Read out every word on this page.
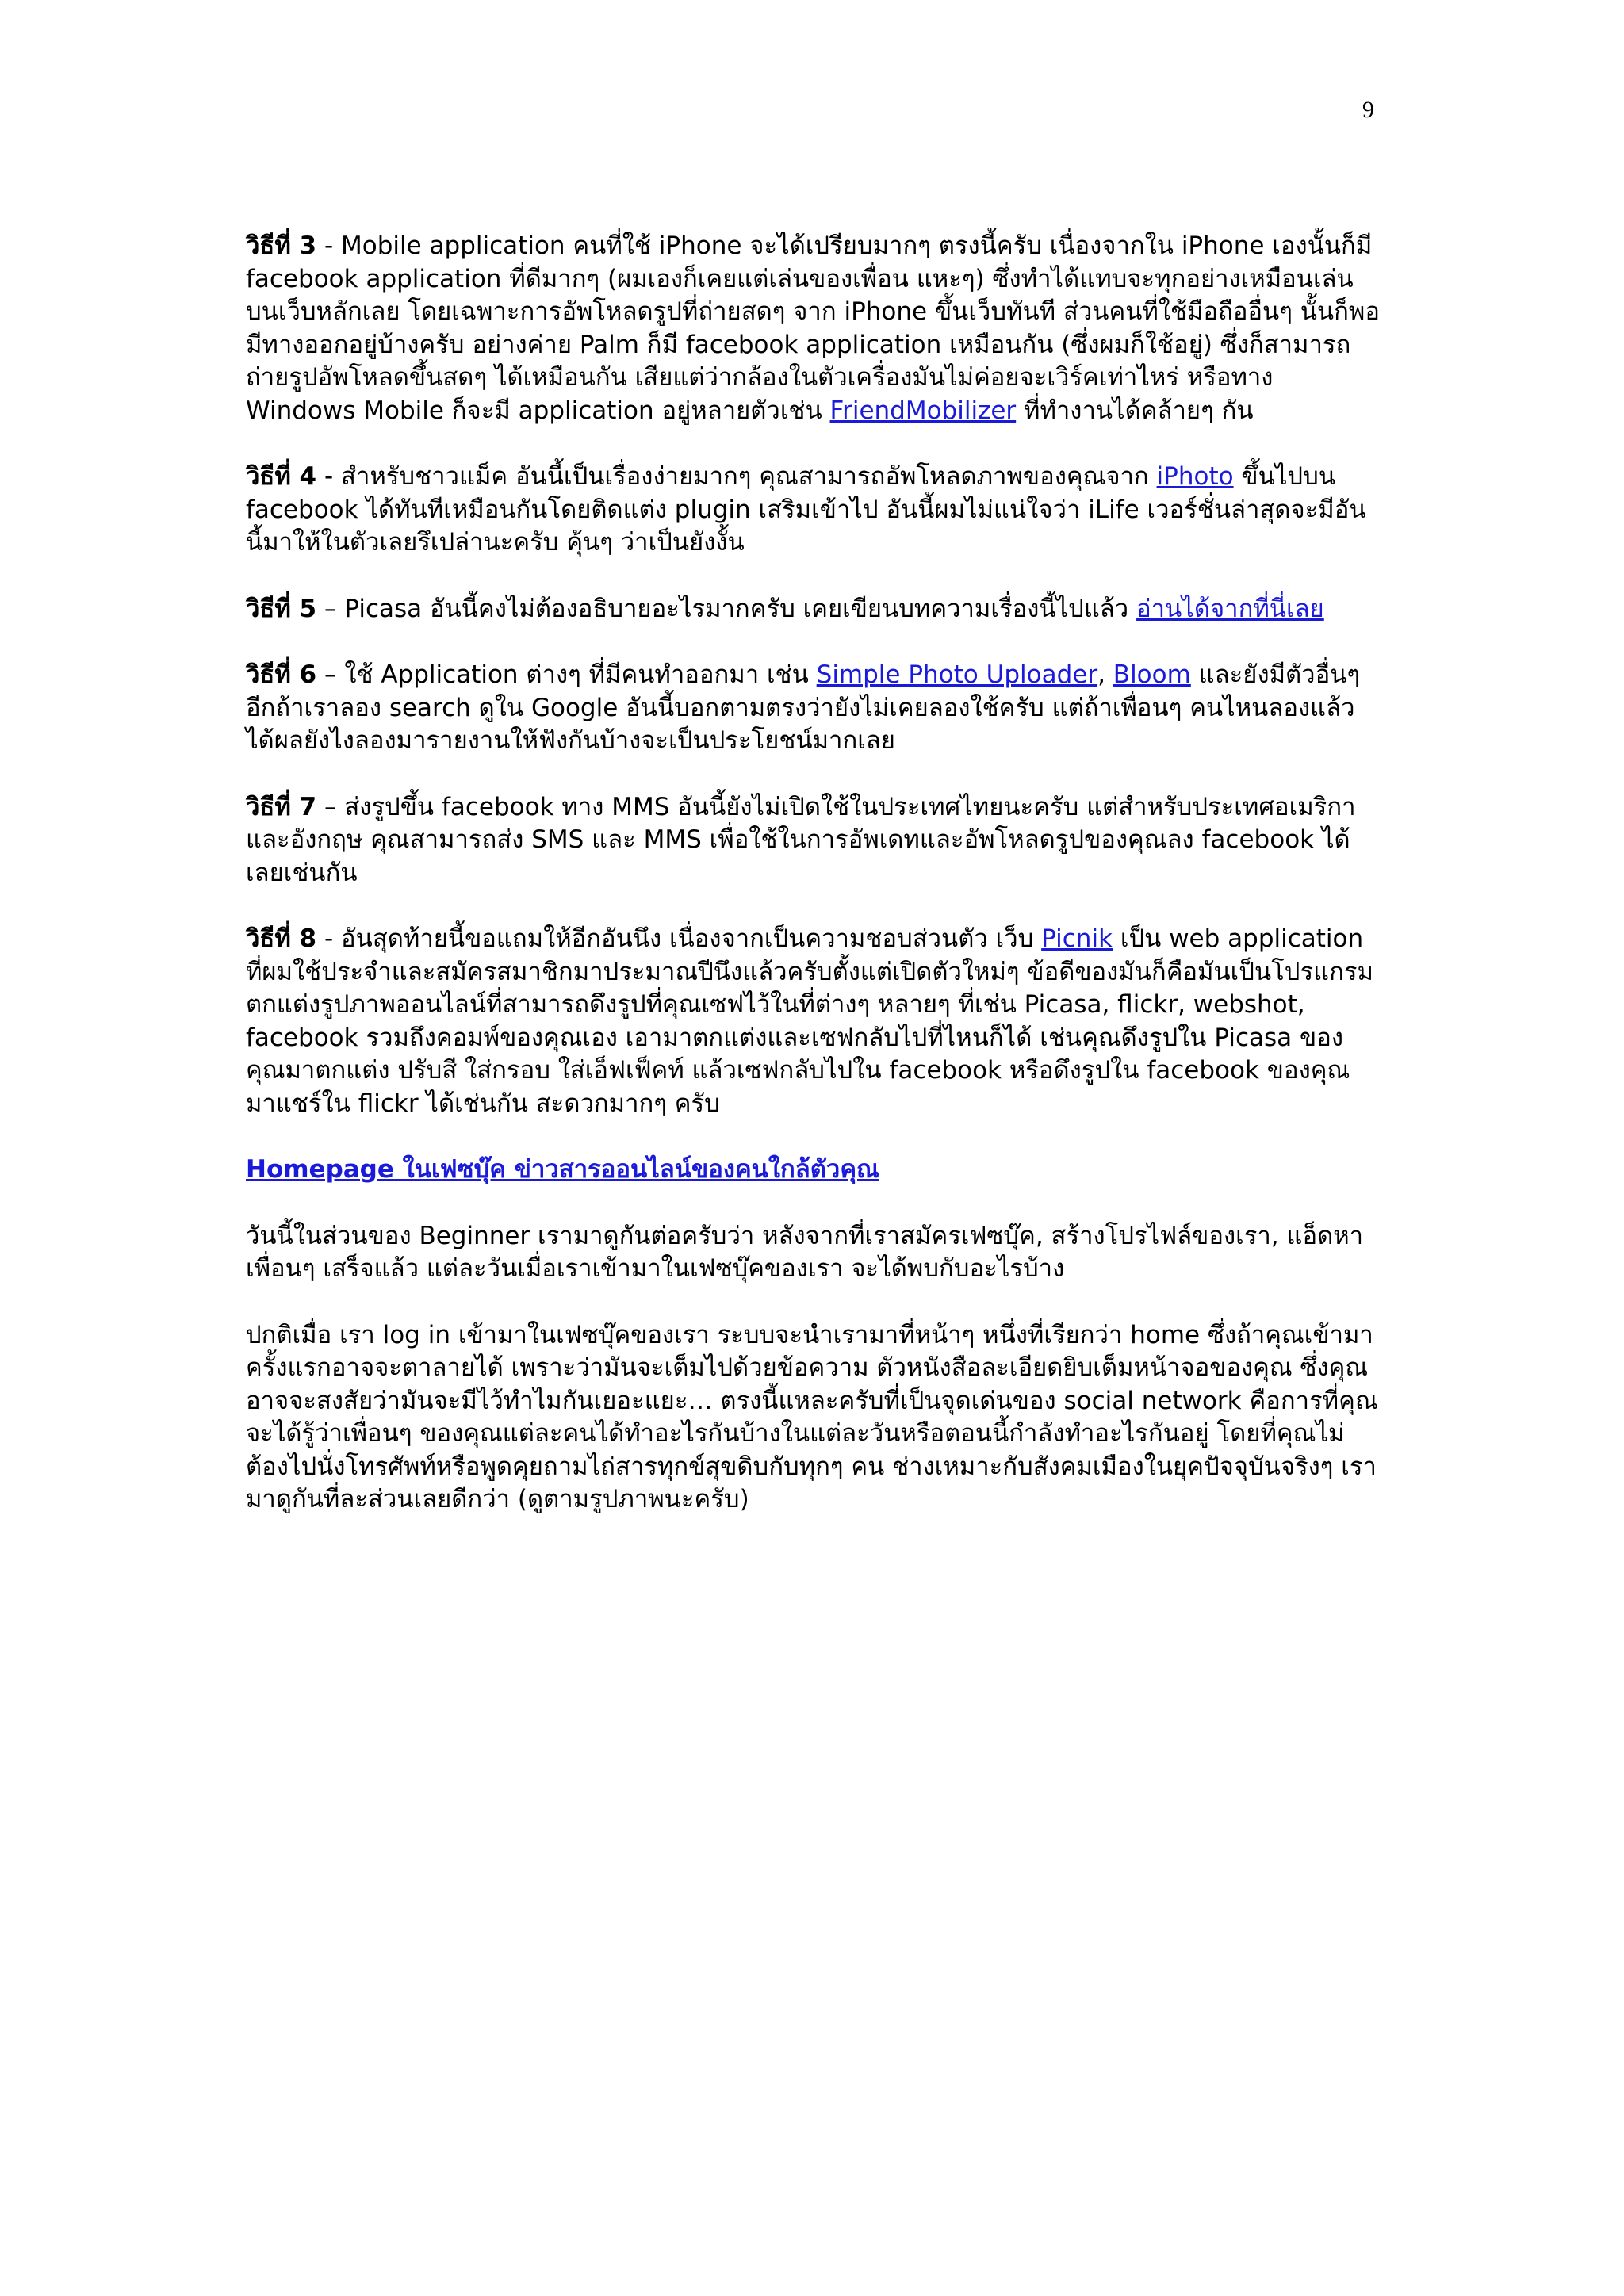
9

วิธีที่ 3 - Mobile application คนที่ใช้ iPhone จะได้เปรียบมากๆ ตรงนี้ครับ เนื่องจากใน iPhone เองนั้นก็มี facebook application ที่ดีมากๆ (ผมเองก็เคยแต่เล่นของเพื่อน แหะๆ) ซึ่งทำได้แทบจะทุกอย่างเหมือนเล่นบนเว็บหลักเลย โดยเฉพาะการอัพโหลดรูปที่ถ่ายสดๆ จาก iPhone ขึ้นเว็บทันที ส่วนคนที่ใช้มือถืออื่นๆ นั้นก็พอมีทางออกอยู่บ้างครับ อย่างค่าย Palm ก็มี facebook application เหมือนกัน (ซึ่งผมก็ใช้อยู่) ซึ่งก็สามารถถ่ายรูปอัพโหลดขึ้นสดๆ ได้เหมือนกัน เสียแต่ว่ากล้องในตัวเครื่องมันไม่ค่อยจะเวิร์คเท่าไหร่ หรือทาง Windows Mobile ก็จะมี application อยู่หลายตัวเช่น FriendMobilizer ที่ทำงานได้คล้ายๆ กัน

วิธีที่ 4 - สำหรับชาวแม็ค อันนี้เป็นเรื่องง่ายมากๆ คุณสามารถอัพโหลดภาพของคุณจาก iPhoto ขึ้นไปบน facebook ได้ทันทีเหมือนกันโดยติดแต่ง plugin เสริมเข้าไป อันนี้ผมไม่แน่ใจว่า iLife เวอร์ชั่นล่าสุดจะมีอันนี้มาให้ในตัวเลยรึเปล่านะครับ คุ้นๆ ว่าเป็นยังงั้น

วิธีที่ 5 – Picasa อันนี้คงไม่ต้องอธิบายอะไรมากครับ เคยเขียนบทความเรื่องนี้ไปแล้ว อ่านได้จากที่นี่เลย

วิธีที่ 6 – ใช้ Application ต่างๆ ที่มีคนทำออกมา เช่น Simple Photo Uploader, Bloom และยังมีตัวอื่นๆ อีกถ้าเราลอง search ดูใน Google อันนี้บอกตามตรงว่ายังไม่เคยลองใช้ครับ แต่ถ้าเพื่อนๆ คนไหนลองแล้วได้ผลยังไงลองมารายงานให้ฟังกันบ้างจะเป็นประโยชน์มากเลย

วิธีที่ 7 – ส่งรูปขึ้น facebook ทาง MMS อันนี้ยังไม่เปิดใช้ในประเทศไทยนะครับ แต่สำหรับประเทศอเมริกาและอังกฤษ คุณสามารถส่ง SMS และ MMS เพื่อใช้ในการอัพเดทและอัพโหลดรูปของคุณลง facebook ได้เลยเช่นกัน

วิธีที่ 8 - อันสุดท้ายนี้ขอแถมให้อีกอันนึง เนื่องจากเป็นความชอบส่วนตัว เว็บ Picnik เป็น web application ที่ผมใช้ประจำและสมัครสมาชิกมาประมาณปีนึงแล้วครับตั้งแต่เปิดตัวใหม่ๆ ข้อดีของมันก็คือมันเป็นโปรแกรมตกแต่งรูปภาพออนไลน์ที่สามารถดึงรูปที่คุณเซฟไว้ในที่ต่างๆ หลายๆ ที่เช่น Picasa, flickr, webshot, facebook รวมถึงคอมพ์ของคุณเอง เอามาตกแต่งและเซฟกลับไปที่ไหนก็ได้ เช่นคุณดึงรูปใน Picasa ของคุณมาตกแต่ง ปรับสี ใส่กรอบ ใส่เอ็ฟเฟ็คท์ แล้วเซฟกลับไปใน facebook หรือดึงรูปใน facebook ของคุณมาแชร์ใน flickr ได้เช่นกัน สะดวกมากๆ ครับ

Homepage ในเฟซบุ๊ค ข่าวสารออนไลน์ของคนใกล้ตัวคุณ

วันนี้ในส่วนของ Beginner เรามาดูกันต่อครับว่า หลังจากที่เราสมัครเฟซบุ๊ค, สร้างโปรไฟล์ของเรา, แอ็ดหาเพื่อนๆ เสร็จแล้ว แต่ละวันเมื่อเราเข้ามาในเฟซบุ๊คของเรา จะได้พบกับอะไรบ้าง

ปกติเมื่อ เรา log in เข้ามาในเฟซบุ๊คของเรา ระบบจะนำเรามาที่หน้าๆ หนึ่งที่เรียกว่า home ซึ่งถ้าคุณเข้ามาครั้งแรกอาจจะตาลายได้ เพราะว่ามันจะเต็มไปด้วยข้อความ ตัวหนังสือละเอียดยิบเต็มหน้าจอของคุณ ซึ่งคุณอาจจะสงสัยว่ามันจะมีไว้ทำไมกันเยอะแยะ… ตรงนี้แหละครับที่เป็นจุดเด่นของ social network คือการที่คุณจะได้รู้ว่าเพื่อนๆ ของคุณแต่ละคนได้ทำอะไรกันบ้างในแต่ละวันหรือตอนนี้กำลังทำอะไรกันอยู่ โดยที่คุณไม่ต้องไปนั่งโทรศัพท์หรือพูดคุยถามไถ่สารทุกข์สุขดิบกับทุกๆ คน ช่างเหมาะกับสังคมเมืองในยุคปัจจุบันจริงๆ เรามาดูกันที่ละส่วนเลยดีกว่า (ดูตามรูปภาพนะครับ)
